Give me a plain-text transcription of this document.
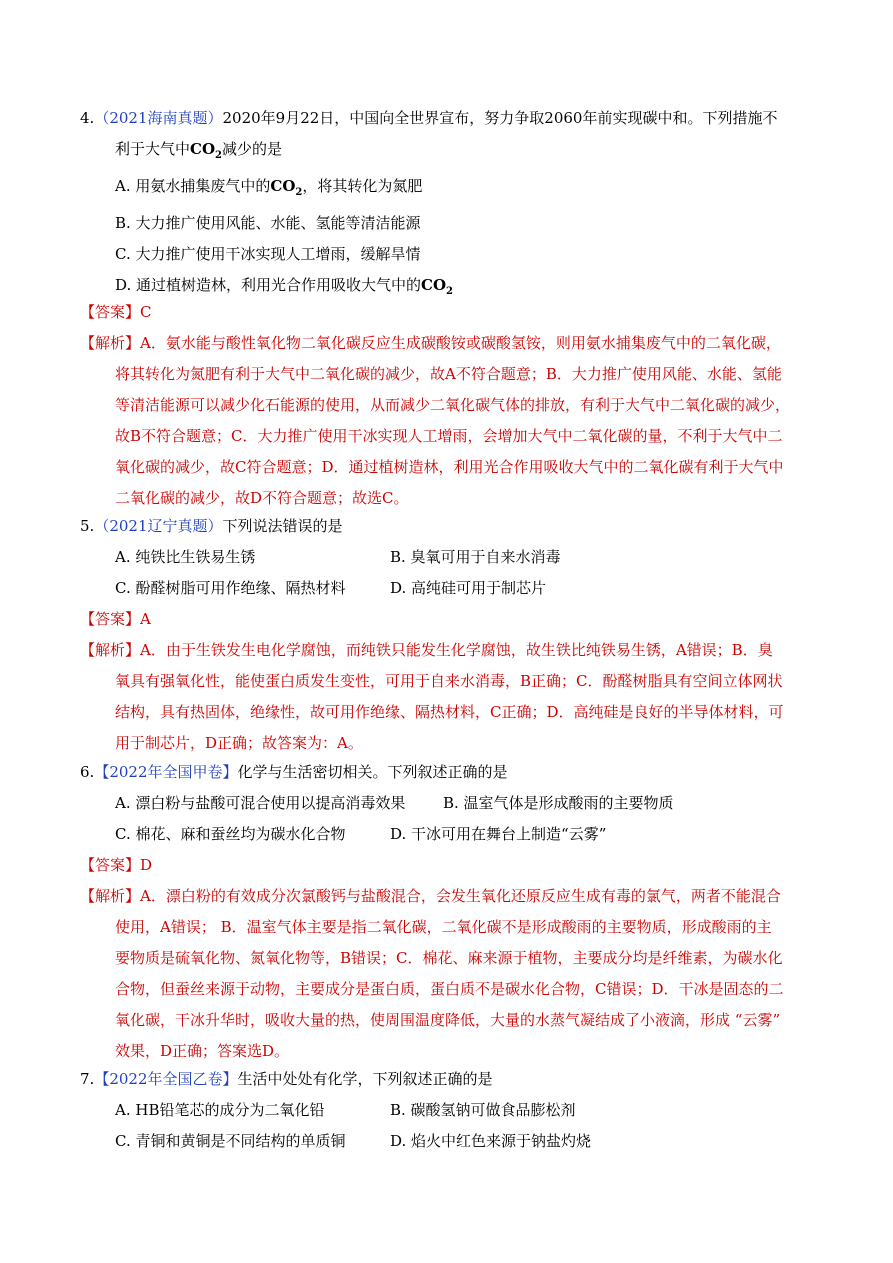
4.（2021海南真题）2020年9月22日，中国向全世界宣布，努力争取2060年前实现碳中和。下列措施不
利于大气中$CO_2$减少的是
A. 用氨水捕集废气中的$CO_2$，将其转化为氮肥
B. 大力推广使用风能、水能、氢能等清洁能源
C. 大力推广使用干冰实现人工增雨，缓解旱情
D. 通过植树造林，利用光合作用吸收大气中的$CO_2$
【答案】C
【解析】A．氨水能与酸性氧化物二氧化碳反应生成碳酸铵或碳酸氢铵，则用氨水捕集废气中的二氧化碳，
将其转化为氮肥有利于大气中二氧化碳的减少，故A不符合题意；B．大力推广使用风能、水能、氢能
等清洁能源可以减少化石能源的使用，从而减少二氧化碳气体的排放，有利于大气中二氧化碳的减少，
故B不符合题意；C．大力推广使用干冰实现人工增雨，会增加大气中二氧化碳的量，不利于大气中二
氧化碳的减少，故C符合题意；D．通过植树造林，利用光合作用吸收大气中的二氧化碳有利于大气中
二氧化碳的减少，故D不符合题意；故选C。
5.（2021辽宁真题）下列说法错误的是
A. 纯铁比生铁易生锈	B. 臭氧可用于自来水消毒
C. 酚醛树脂可用作绝缘、隔热材料	D. 高纯硅可用于制芯片
【答案】A
【解析】A．由于生铁发生电化学腐蚀，而纯铁只能发生化学腐蚀，故生铁比纯铁易生锈，A错误；B．臭
氧具有强氧化性，能使蛋白质发生变性，可用于自来水消毒，B正确；C．酚醛树脂具有空间立体网状
结构，具有热固体，绝缘性，故可用作绝缘、隔热材料，C正确；D．高纯硅是良好的半导体材料，可
用于制芯片，D正确；故答案为：A。
6.【2022年全国甲卷】化学与生活密切相关。下列叙述正确的是
A. 漂白粉与盐酸可混合使用以提高消毒效果	B. 温室气体是形成酸雨的主要物质
C. 棉花、麻和蚕丝均为碳水化合物	D. 干冰可用在舞台上制造“云雾”
【答案】D
【解析】A．漂白粉的有效成分次氯酸钙与盐酸混合，会发生氧化还原反应生成有毒的氯气，两者不能混合
使用，A错误； B．温室气体主要是指二氧化碳，二氧化碳不是形成酸雨的主要物质，形成酸雨的主
要物质是硫氧化物、氮氧化物等，B错误；C．棉花、麻来源于植物，主要成分均是纤维素，为碳水化
合物，但蚕丝来源于动物，主要成分是蛋白质，蛋白质不是碳水化合物，C错误；D．干冰是固态的二
氧化碳，干冰升华时，吸收大量的热，使周围温度降低，大量的水蒸气凝结成了小液滴，形成 “云雾”
效果，D正确；答案选D。
7.【2022年全国乙卷】生活中处处有化学，下列叙述正确的是
A. HB铅笔芯的成分为二氧化铅	B. 碳酸氢钠可做食品膨松剂
C. 青铜和黄铜是不同结构的单质铜	D. 焰火中红色来源于钠盐灼烧
